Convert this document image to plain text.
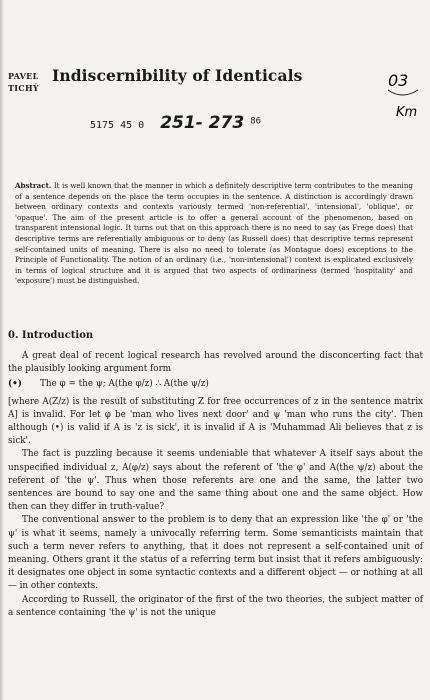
PAVEL
TICHÝ
Indiscernibility of Identicals	03
Km
5175 45 0 251- 273 86
Abstract. It is well known that the manner in which a definitely descriptive term contributes to the meaning of a sentence depends on the place the term occupies in the sentence. A distinction is accordingly drawn between ordinary contexts and contexts variously termed 'non-referential', 'intensional', 'oblique', or 'opaque'. The aim of the present article is to offer a general account of the phenomenon, based on transparent intensional logic. It turns out that on this approach there is no need to say (as Frege does) that descriptive terms are referentially ambiguous or to deny (as Russell does) that descriptive terms represent self-contained units of meaning. There is also no need to tolerate (as Montague does) exceptions to the Principle of Functionality. The notion of an ordinary (i.e., 'non-intensional') context is explicated exclusively in terms of logical structure and it is argued that two aspects of ordinariness (termed 'hospitality' and 'exposure') must be distinguished.
0. Introduction

A great deal of recent logical research has revolved around the disconcerting fact that the plausibly looking argument form

(•)	The φ = the ψ; A(the φ/z) ∴ A(the ψ/z)

[where A(Z/z) is the result of substituting Z for free occurrences of z in the sentence matrix A] is invalid. For let φ be 'man who lives next door' and ψ 'man who runs the city'. Then although (•) is valid if A is 'z is sick', it is invalid if A is 'Muhammad Ali believes that z is sick'.

The fact is puzzling because it seems undeniable that whatever A itself says about the unspecified individual z, A(φ/z) says about the referent of 'the φ' and A(the ψ/z) about the referent of 'the ψ'. Thus when those referents are one and the same, the latter two sentences are bound to say one and the same thing about one and the same object. How then can they differ in truth-value?

The conventional answer to the problem is to deny that an expression like 'the φ' or 'the ψ' is what it seems, namely a univocally referring term. Some semanticists maintain that such a term never refers to anything, that it does not represent a self-contained unit of meaning. Others grant it the status of a referring term but insist that it refers ambiguously: it designates one object in some syntactic contexts and a different object — or nothing at all — in other contexts.

According to Russell, the originator of the first of the two theories, the subject matter of a sentence containing 'the ψ' is not the unique
